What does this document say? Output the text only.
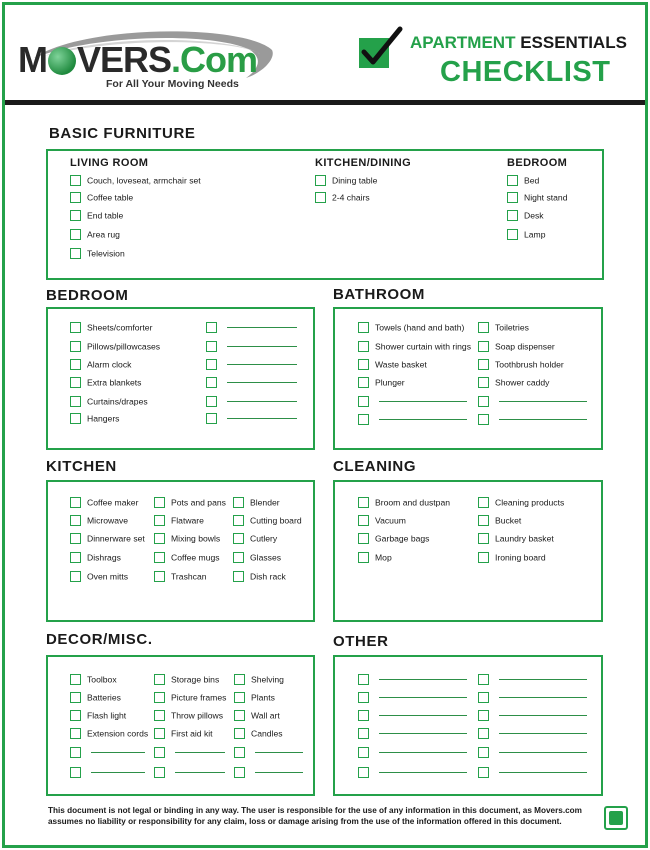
M VERS.Com
For All Your Moving Needs
APARTMENT ESSENTIALS
CHECKLIST
BASIC FURNITURE
LIVING ROOM
Couch, loveseat, armchair set
Coffee table
End table
Area rug
Television
KITCHEN/DINING
Dining table
2-4 chairs
BEDROOM
Bed
Night stand
Desk
Lamp
BEDROOM
Sheets/comforter
Pillows/pillowcases
Alarm clock
Extra blankets
Curtains/drapes
Hangers
BATHROOM
Towels (hand and bath)
Shower curtain with rings
Waste basket
Plunger
Toiletries
Soap dispenser
Toothbrush holder
Shower caddy
KITCHEN
Coffee maker
Microwave
Dinnerware set
Dishrags
Oven mitts
Pots and pans
Flatware
Mixing bowls
Coffee mugs
Trashcan
Blender
Cutting board
Cutlery
Glasses
Dish rack
CLEANING
Broom and dustpan
Vacuum
Garbage bags
Mop
Cleaning products
Bucket
Laundry basket
Ironing board
DECOR/MISC.
Toolbox
Batteries
Flash light
Extension cords
Storage bins
Picture frames
Throw pillows
First aid kit
Shelving
Plants
Wall art
Candles
OTHER
This document is not legal or binding in any way. The user is responsible for the use of any information in this document, as Movers.com assumes no liability or responsibility for any claim, loss or damage arising from the use of the information offered in this document.
